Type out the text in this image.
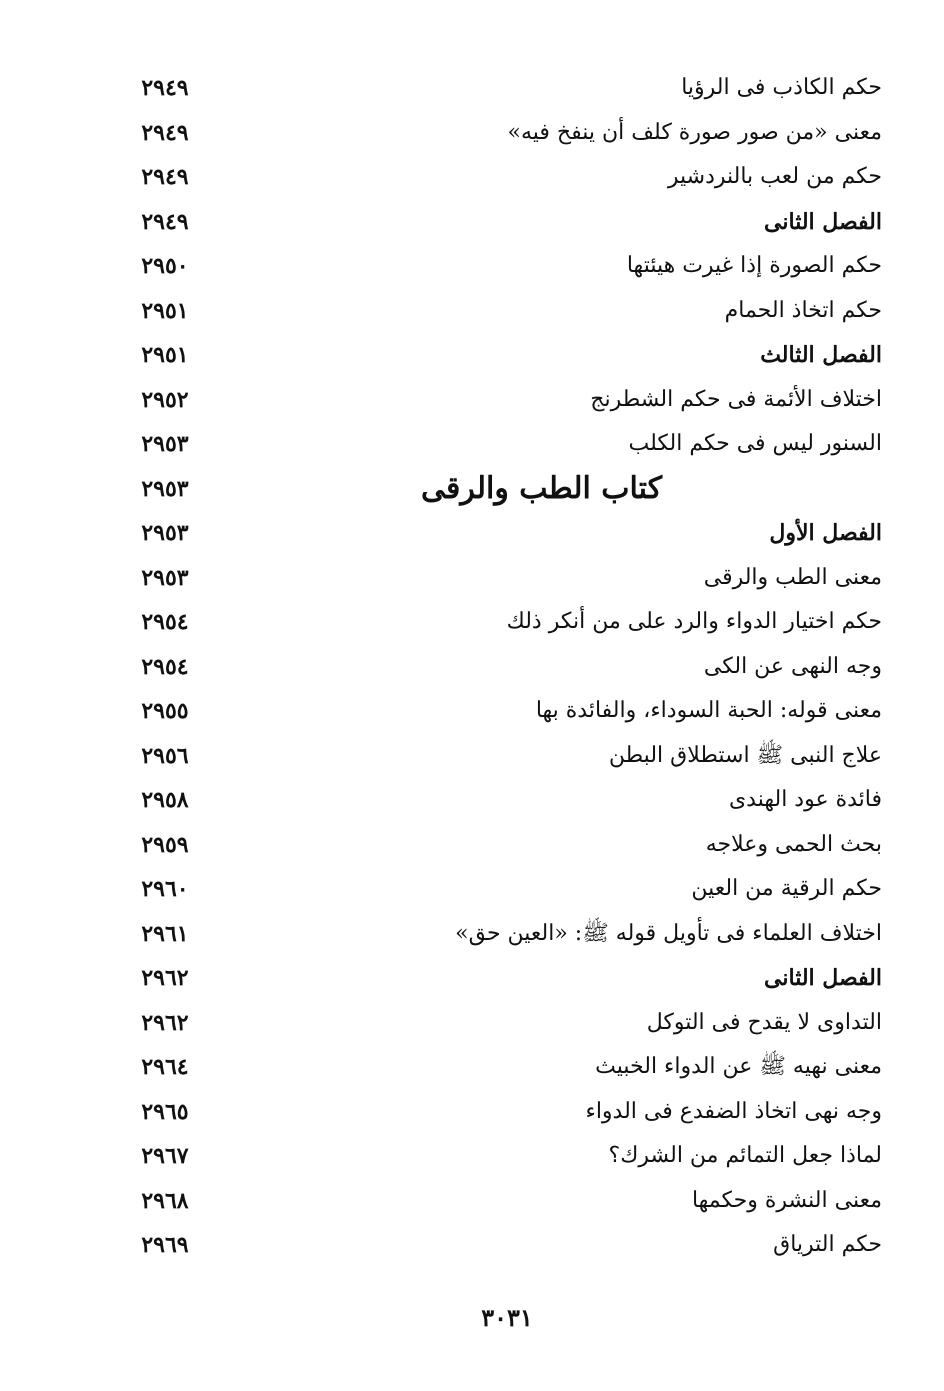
حكم الكاذب فى الرؤيا
٢٩٤٩
معنى «من صور صورة كلف أن ينفخ فيه»
٢٩٤٩
حكم من لعب بالنردشير
٢٩٤٩
الفصل الثانى
٢٩٤٩
حكم الصورة إذا غيرت هيئتها
٢٩٥٠
حكم اتخاذ الحمام
٢٩٥١
الفصل الثالث
٢٩٥١
اختلاف الأئمة فى حكم الشطرنج
٢٩٥٢
السنور ليس فى حكم الكلب
٢٩٥٣
كتاب الطب والرقى
٢٩٥٣
الفصل الأول
٢٩٥٣
معنى الطب والرقى
٢٩٥٣
حكم اختيار الدواء والرد على من أنكر ذلك
٢٩٥٤
وجه النهى عن الكى
٢٩٥٤
معنى قوله: الحبة السوداء، والفائدة بها
٢٩٥٥
علاج النبى ﷺ استطلاق البطن
٢٩٥٦
فائدة عود الهندى
٢٩٥٨
بحث الحمى وعلاجه
٢٩٥٩
حكم الرقية من العين
٢٩٦٠
اختلاف العلماء فى تأويل قوله ﷺ: «العين حق»
٢٩٦١
الفصل الثانى
٢٩٦٢
التداوى لا يقدح فى التوكل
٢٩٦٢
معنى نهيه ﷺ عن الدواء الخبيث
٢٩٦٤
وجه نهى اتخاذ الضفدع فى الدواء
٢٩٦٥
لماذا جعل التمائم من الشرك؟
٢٩٦٧
معنى النشرة وحكمها
٢٩٦٨
حكم الترياق
٢٩٦٩
٣٠٣١
